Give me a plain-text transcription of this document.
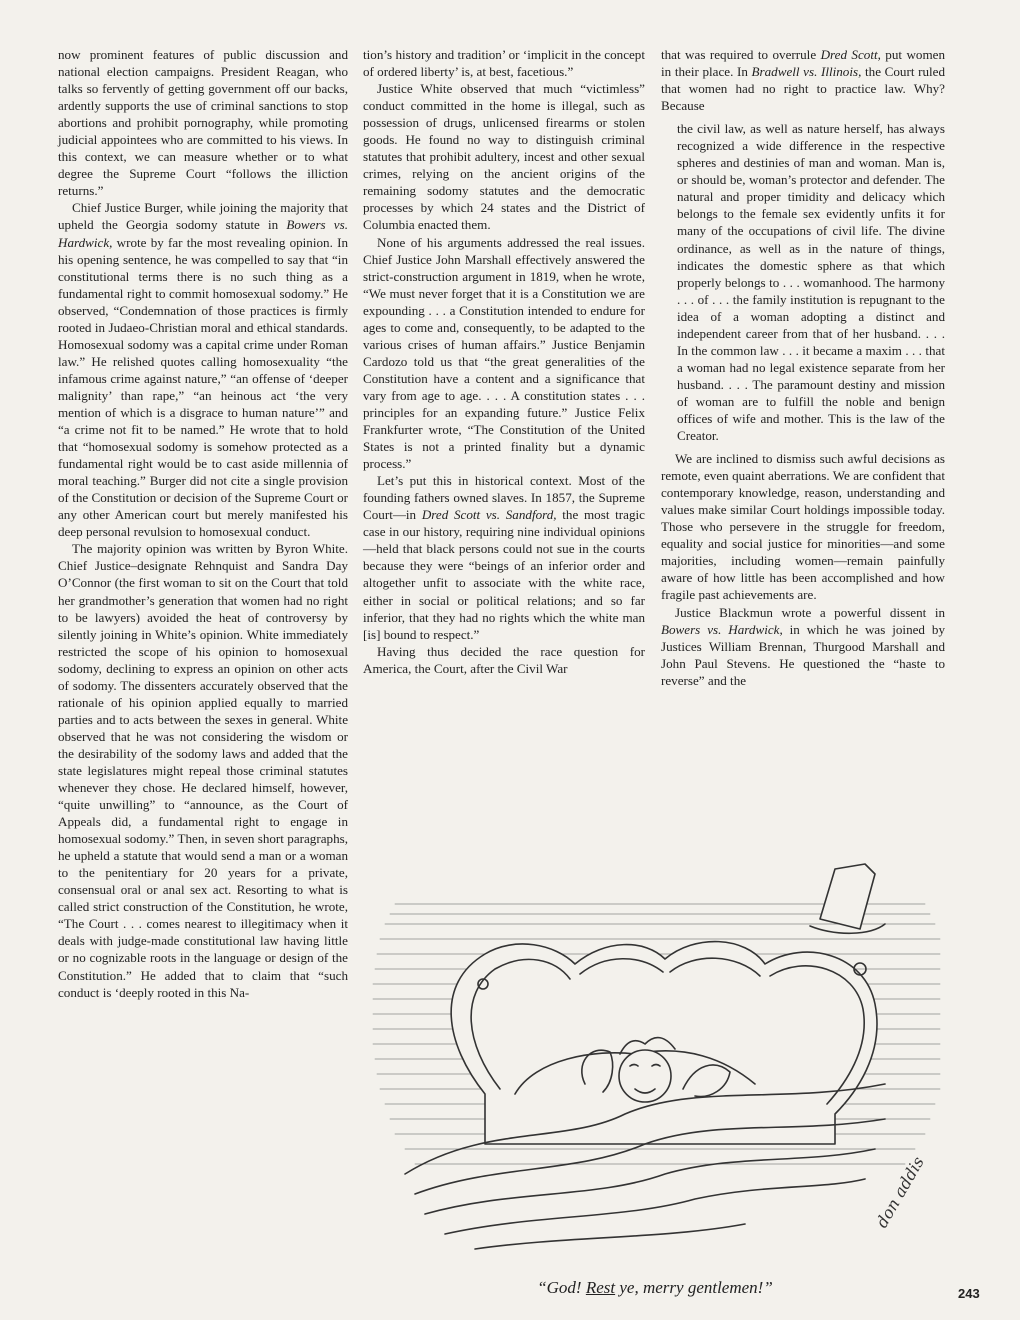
now prominent features of public discussion and national election campaigns. President Reagan, who talks so fervently of getting government off our backs, ardently supports the use of criminal sanctions to stop abortions and prohibit pornography, while promoting judicial appointees who are committed to his views. In this context, we can measure whether or to what degree the Supreme Court “follows the illiction returns.”

Chief Justice Burger, while joining the majority that upheld the Georgia sodomy statute in Bowers vs. Hardwick, wrote by far the most revealing opinion. In his opening sentence, he was compelled to say that “in constitutional terms there is no such thing as a fundamental right to commit homosexual sodomy.” He observed, “Condemnation of those practices is firmly rooted in Judaeo-Christian moral and ethical standards. Homosexual sodomy was a capital crime under Roman law.” He relished quotes calling homosexuality “the infamous crime against nature,” “an offense of ‘deeper malignity’ than rape,” “an heinous act ‘the very mention of which is a disgrace to human nature’” and “a crime not fit to be named.” He wrote that to hold that “homosexual sodomy is somehow protected as a fundamental right would be to cast aside millennia of moral teaching.” Burger did not cite a single provision of the Constitution or decision of the Supreme Court or any other American court but merely manifested his deep personal revulsion to homosexual conduct.

The majority opinion was written by Byron White. Chief Justice–designate Rehnquist and Sandra Day O’Connor (the first woman to sit on the Court that told her grandmother’s generation that women had no right to be lawyers) avoided the heat of controversy by silently joining in White’s opinion. White immediately restricted the scope of his opinion to homosexual sodomy, declining to express an opinion on other acts of sodomy. The dissenters accurately observed that the rationale of his opinion applied equally to married parties and to acts between the sexes in general. White observed that he was not considering the wisdom or the desirability of the sodomy laws and added that the state legislatures might repeal those criminal statutes whenever they chose. He declared himself, however, “quite unwilling” to “announce, as the Court of Appeals did, a fundamental right to engage in homosexual sodomy.” Then, in seven short paragraphs, he upheld a statute that would send a man or a woman to the penitentiary for 20 years for a private, consensual oral or anal sex act. Resorting to what is called strict construction of the Constitution, he wrote, “The Court . . . comes nearest to illegitimacy when it deals with judge-made constitutional law having little or no cognizable roots in the language or design of the Constitution.” He added that to claim that “such conduct is ‘deeply rooted in this Na-

tion’s history and tradition’ or ‘implicit in the concept of ordered liberty’ is, at best, facetious.”

Justice White observed that much “victimless” conduct committed in the home is illegal, such as possession of drugs, unlicensed firearms or stolen goods. He found no way to distinguish criminal statutes that prohibit adultery, incest and other sexual crimes, relying on the ancient origins of the remaining sodomy statutes and the democratic processes by which 24 states and the District of Columbia enacted them.

None of his arguments addressed the real issues. Chief Justice John Marshall effectively answered the strict-construction argument in 1819, when he wrote, “We must never forget that it is a Constitution we are expounding . . . a Constitution intended to endure for ages to come and, consequently, to be adapted to the various crises of human affairs.” Justice Benjamin Cardozo told us that “the great generalities of the Constitution have a content and a significance that vary from age to age. . . . A constitution states . . . principles for an expanding future.” Justice Felix Frankfurter wrote, “The Constitution of the United States is not a printed finality but a dynamic process.”

Let’s put this in historical context. Most of the founding fathers owned slaves. In 1857, the Supreme Court—in Dred Scott vs. Sandford, the most tragic case in our history, requiring nine individual opinions—held that black persons could not sue in the courts because they were “beings of an inferior order and altogether unfit to associate with the white race, either in social or political relations; and so far inferior, that they had no rights which the white man [is] bound to respect.”

Having thus decided the race question for America, the Court, after the Civil War

that was required to overrule Dred Scott, put women in their place. In Bradwell vs. Illinois, the Court ruled that women had no right to practice law. Why? Because

the civil law, as well as nature herself, has always recognized a wide difference in the respective spheres and destinies of man and woman. Man is, or should be, woman’s protector and defender. The natural and proper timidity and delicacy which belongs to the female sex evidently unfits it for many of the occupations of civil life. The divine ordinance, as well as in the nature of things, indicates the domestic sphere as that which properly belongs to . . . womanhood. The harmony . . . of . . . the family institution is repugnant to the idea of a woman adopting a distinct and independent career from that of her husband. . . . In the common law . . . it became a maxim . . . that a woman had no legal existence separate from her husband. . . . The paramount destiny and mission of woman are to fulfill the noble and benign offices of wife and mother. This is the law of the Creator.

We are inclined to dismiss such awful decisions as remote, even quaint aberrations. We are confident that contemporary knowledge, reason, understanding and values make similar Court holdings impossible today. Those who persevere in the struggle for freedom, equality and social justice for minorities—and some majorities, including women—remain painfully aware of how little has been accomplished and how fragile past achievements are.

Justice Blackmun wrote a powerful dissent in Bowers vs. Hardwick, in which he was joined by Justices William Brennan, Thurgood Marshall and John Paul Stevens. He questioned the “haste to reverse” and the

don addis
“God! Rest ye, merry gentlemen!”	243
